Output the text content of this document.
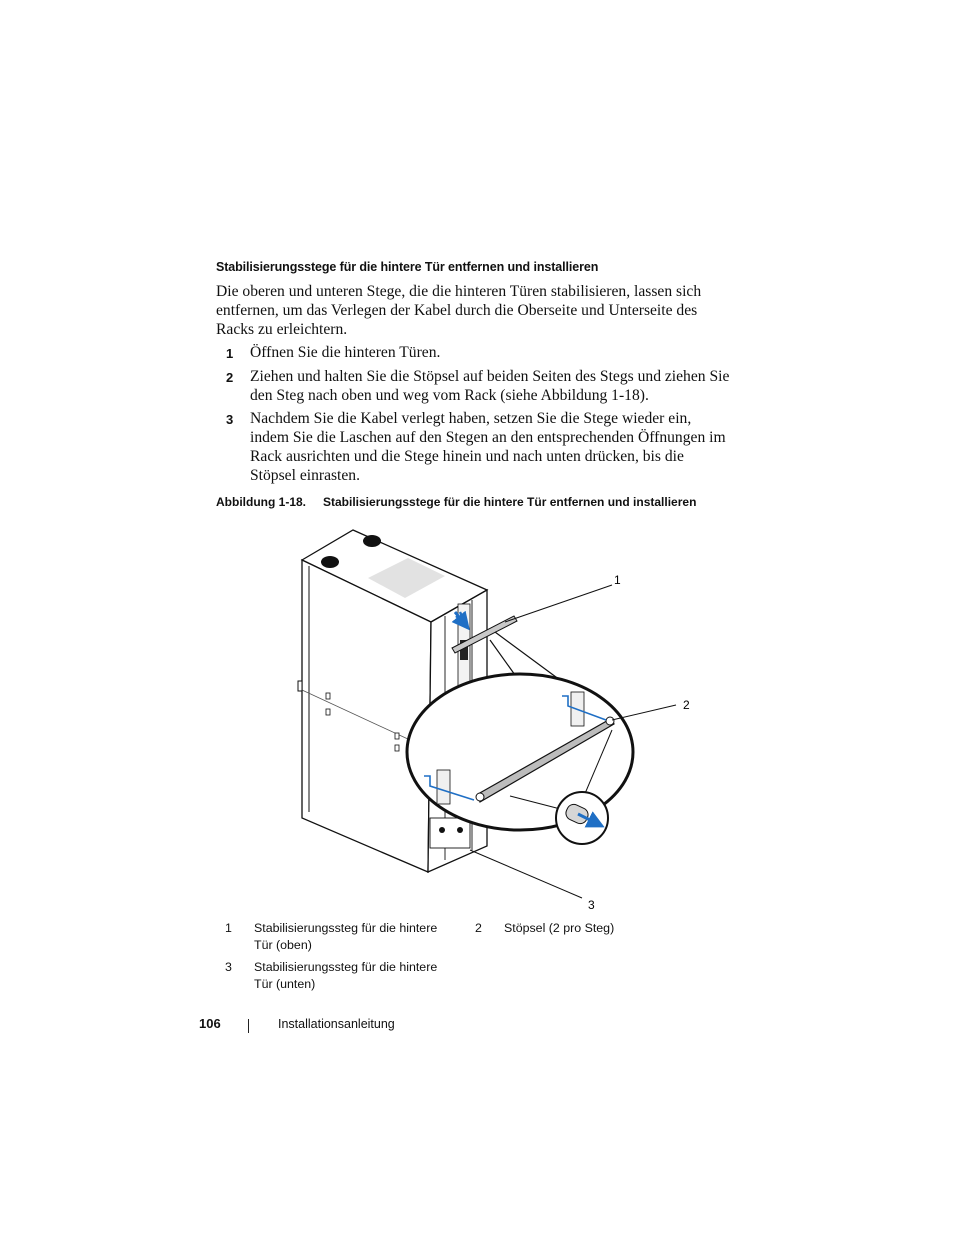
Stabilisierungsstege für die hintere Tür entfernen und installieren
Die oberen und unteren Stege, die die hinteren Türen stabilisieren, lassen sich entfernen, um das Verlegen der Kabel durch die Oberseite und Unterseite des Racks zu erleichtern.
1 Öffnen Sie die hinteren Türen.
2 Ziehen und halten Sie die Stöpsel auf beiden Seiten des Stegs und ziehen Sie den Steg nach oben und weg vom Rack (siehe Abbildung 1-18).
3 Nachdem Sie die Kabel verlegt haben, setzen Sie die Stege wieder ein, indem Sie die Laschen auf den Stegen an den entsprechenden Öffnungen im Rack ausrichten und die Stege hinein und nach unten drücken, bis die Stöpsel einrasten.
Abbildung 1-18. Stabilisierungsstege für die hintere Tür entfernen und installieren
1
2
3
1	Stabilisierungssteg für die hintere Tür (oben)
2	Stöpsel (2 pro Steg)
3	Stabilisierungssteg für die hintere Tür (unten)
106	Installationsanleitung
